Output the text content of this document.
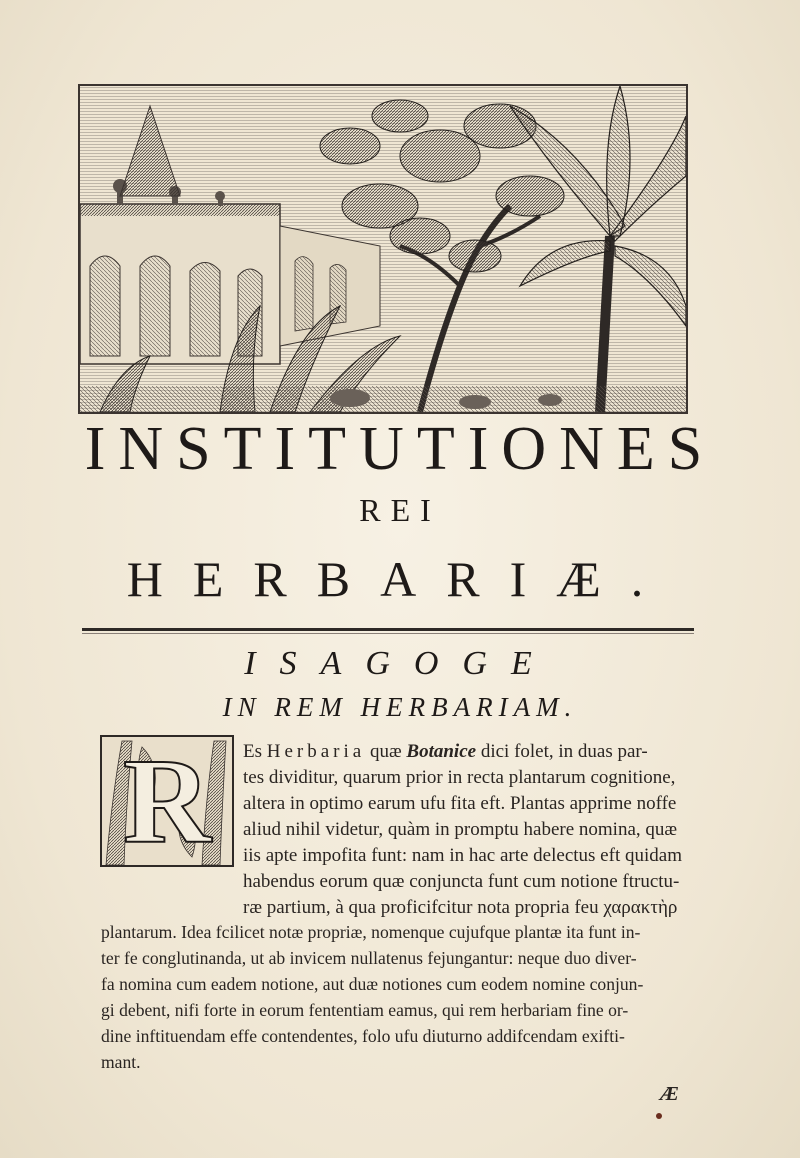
INSTITUTIONES
REI
HERBARIÆ.
ISAGOGE
IN REM HERBARIAM.
R	Es Herbaria quæ Botanice dici folet, in duas par-
tes dividitur, quarum prior in recta plantarum cognitione,
altera in optimo earum ufu fita eft. Plantas apprime noffe
aliud nihil videtur, quàm in promptu habere nomina, quæ
iis apte impofita funt: nam in hac arte delectus eft quidam
habendus eorum quæ conjuncta funt cum notione ftructu-
ræ partium, à qua proficifcitur nota propria feu χαρακτὴρ
plantarum. Idea fcilicet notæ propriæ, nomenque cujufque plantæ ita funt in-
ter fe conglutinanda, ut ab invicem nullatenus fejungantur: neque duo diver-
fa nomina cum eadem notione, aut duæ notiones cum eodem nomine conjun-
gi debent, nifi forte in eorum fententiam eamus, qui rem herbariam fine or-
dine inftituendam effe contendentes, folo ufu diuturno addifcendam exifti-
mant.
Æ
